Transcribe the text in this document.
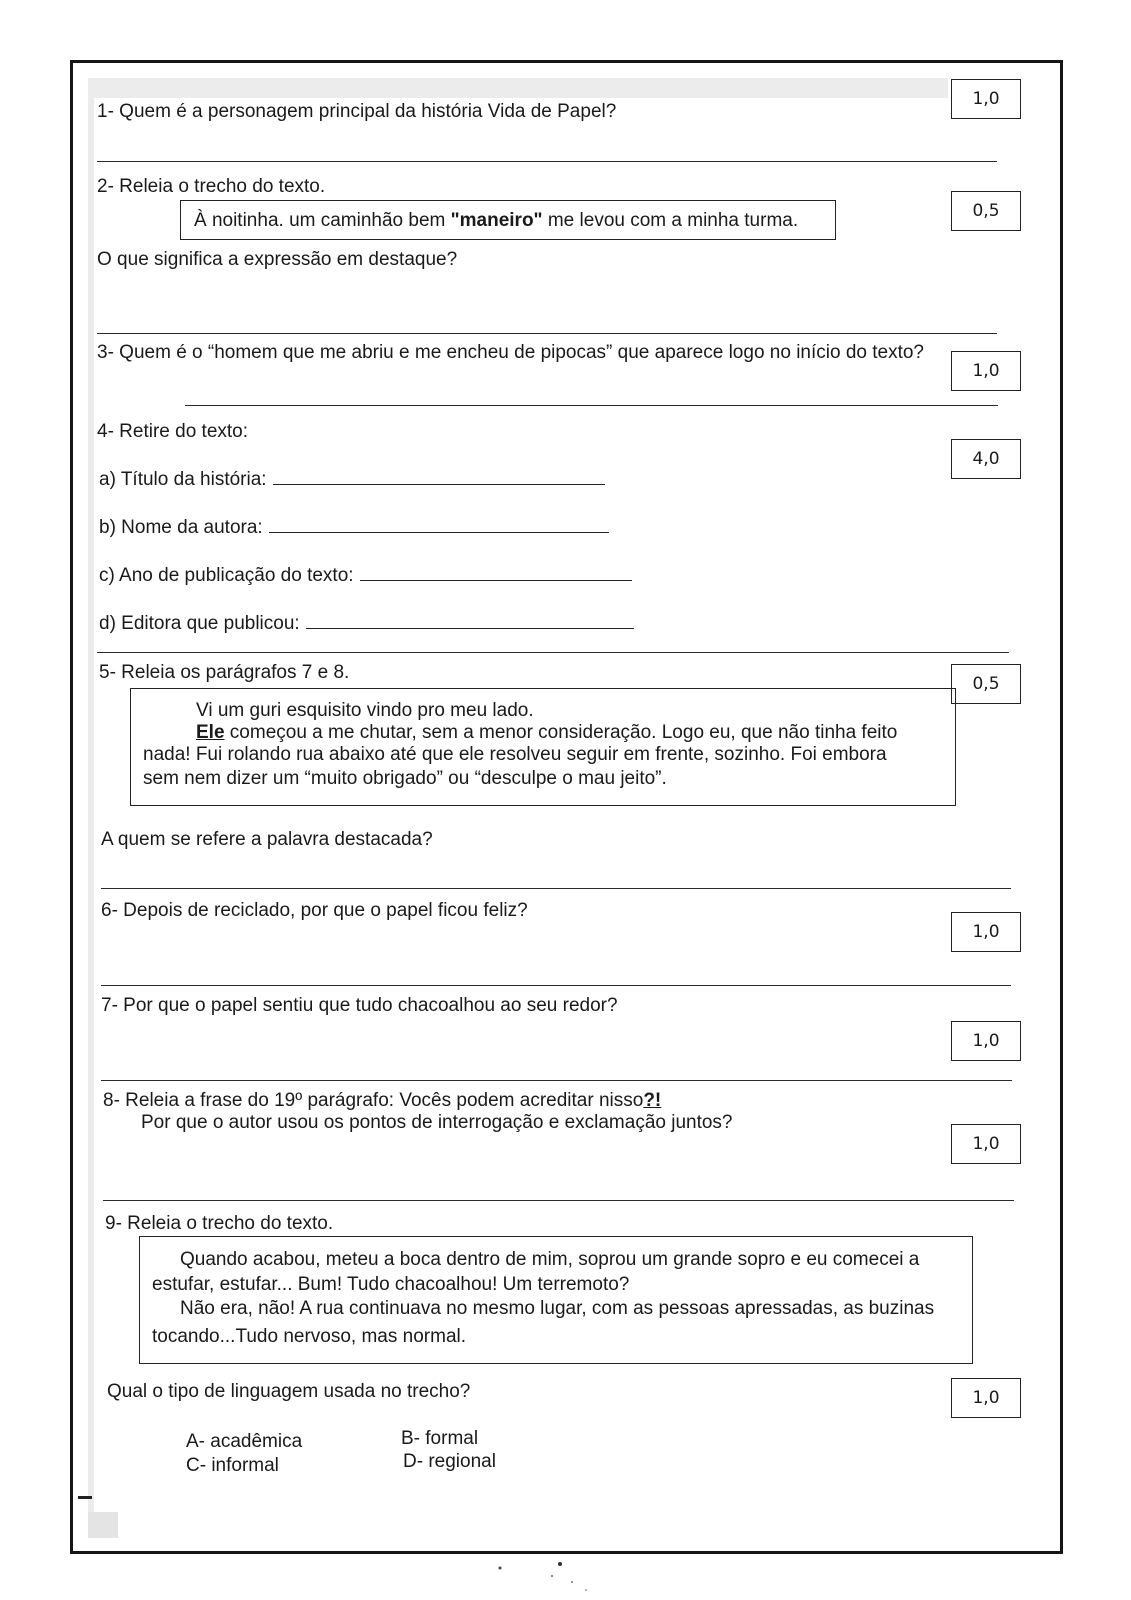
1- Quem é a personagem principal da história Vida de Papel?
1,0
2- Releia o trecho do texto.
À noitinha. um caminhão bem "maneiro" me levou com a minha turma.	0,5
O que significa a expressão em destaque?
3- Quem é o “homem que me abriu e me encheu de pipocas” que aparece logo no início do texto?
1,0
4- Retire do texto:
4,0
a) Título da história:
b) Nome da autora:
c) Ano de publicação do texto:
d) Editora que publicou:
5- Releia os parágrafos 7 e 8.
0,5
Vi um guri esquisito vindo pro meu lado.
Ele começou a me chutar, sem a menor consideração. Logo eu, que não tinha feito
nada! Fui rolando rua abaixo até que ele resolveu seguir em frente, sozinho. Foi embora
sem nem dizer um “muito obrigado” ou “desculpe o mau jeito”.
A quem se refere a palavra destacada?
6- Depois de reciclado, por que o papel ficou feliz?
1,0
7- Por que o papel sentiu que tudo chacoalhou ao seu redor?
1,0
8- Releia a frase do 19º parágrafo: Vocês podem acreditar nisso?!
Por que o autor usou os pontos de interrogação e exclamação juntos?
1,0
9- Releia o trecho do texto.
Quando acabou, meteu a boca dentro de mim, soprou um grande sopro e eu comecei a
estufar, estufar... Bum! Tudo chacoalhou! Um terremoto?
Não era, não! A rua continuava no mesmo lugar, com as pessoas apressadas, as buzinas
tocando...Tudo nervoso, mas normal.
Qual o tipo de linguagem usada no trecho?	1,0
A- acadêmica	B- formal
C- informal	D- regional
